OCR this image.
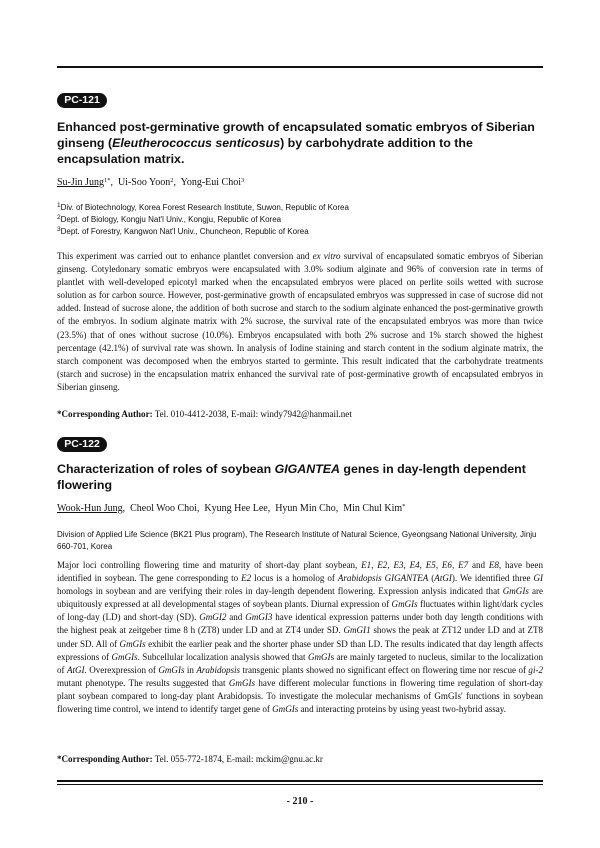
PC-121
Enhanced post-germinative growth of encapsulated somatic embryos of Siberian ginseng (Eleutherococcus senticosus) by carbohydrate addition to the encapsulation matrix.
Su-Jin Jung$^{1*}$,  Ui-Soo Yoon$^2$,  Yong-Eui Choi$^3$
$^1$Div. of Biotechnology, Korea Forest Research Institute, Suwon, Republic of Korea
$^2$Dept. of Biology, Kongju Nat'l Univ., Kongju, Republic of Korea
$^3$Dept. of Forestry, Kangwon Nat'l Univ., Chuncheon, Republic of Korea

This experiment was carried out to enhance plantlet conversion and ex vitro survival of encapsulated somatic embryos of Siberian ginseng. Cotyledonary somatic embryos were encapsulated with 3.0% sodium alginate and 96% of conversion rate in terms of plantlet with well-developed epicotyl marked when the encapsulated embryos were placed on perlite soils wetted with sucrose solution as for carbon source. However, post-germinative growth of encapsulated embryos was suppressed in case of sucrose did not added. Instead of sucrose alone, the addition of both sucrose and starch to the sodium alginate enhanced the post-germinative growth of the embryos. In sodium alginate matrix with 2% sucrose, the survival rate of the encapsulated embryos was more than twice (23.5%) that of ones without sucrose (10.0%). Embryos encapsulated with both 2% sucrose and 1% starch showed the highest percentage (42.1%) of survival rate was shown. In analysis of Iodine staining and starch content in the sodium alginate matrix, the starch component was decomposed when the embryos started to germinte. This result indicated that the carbohydrate treatments (starch and sucrose) in the encapsulation matrix enhanced the survival rate of post-germinative growth of encapsulated embryos in Siberian ginseng.

*Corresponding Author: Tel. 010-4412-2038, E-mail: windy7942@hanmail.net
PC-122
Characterization of roles of soybean GIGANTEA genes in day-length dependent flowering
Wook-Hun Jung,  Cheol Woo Choi,  Kyung Hee Lee,  Hyun Min Cho,  Min Chul Kim*
Division of Applied Life Science (BK21 Plus program), The Research Institute of Natural Science, Gyeongsang National University, Jinju 660-701, Korea

Major loci controlling flowering time and maturity of short-day plant soybean, E1, E2, E3, E4, E5, E6, E7 and E8, have been identified in soybean. The gene corresponding to E2 locus is a homolog of Arabidopsis GIGANTEA (AtGI). We identified three GI homologs in soybean and are verifying their roles in day-length dependent flowering. Expression anlysis indicated that GmGIs are ubiquitously expressed at all developmental stages of soybean plants. Diurnal expression of GmGIs fluctuates within light/dark cycles of long-day (LD) and short-day (SD). GmGI2 and GmGI3 have identical expression patterns under both day length conditions with the highest peak at zeitgeber time 8 h (ZT8) under LD and at ZT4 under SD. GmGI1 shows the peak at ZT12 under LD and at ZT8 under SD. All of GmGIs exhibit the earlier peak and the shorter phase under SD than LD. The results indicated that day length affects expressions of GmGIs. Subcellular localization analysis showed that GmGIs are mainly targeted to nucleus, similar to the localization of AtGI. Overexpression of GmGIs in Arabidopsis transgenic plants showed no significant effect on flowering time nor rescue of gi-2 mutant phenotype. The results suggested that GmGIs have different molecular functions in flowering time regulation of short-day plant soybean compared to long-day plant Arabidopsis. To investigate the molecular mechanisms of GmGIs' functions in soybean flowering time control, we intend to identify target gene of GmGIs and interacting proteins by using yeast two-hybrid assay.

*Corresponding Author: Tel. 055-772-1874, E-mail: mckim@gnu.ac.kr
- 210 -
